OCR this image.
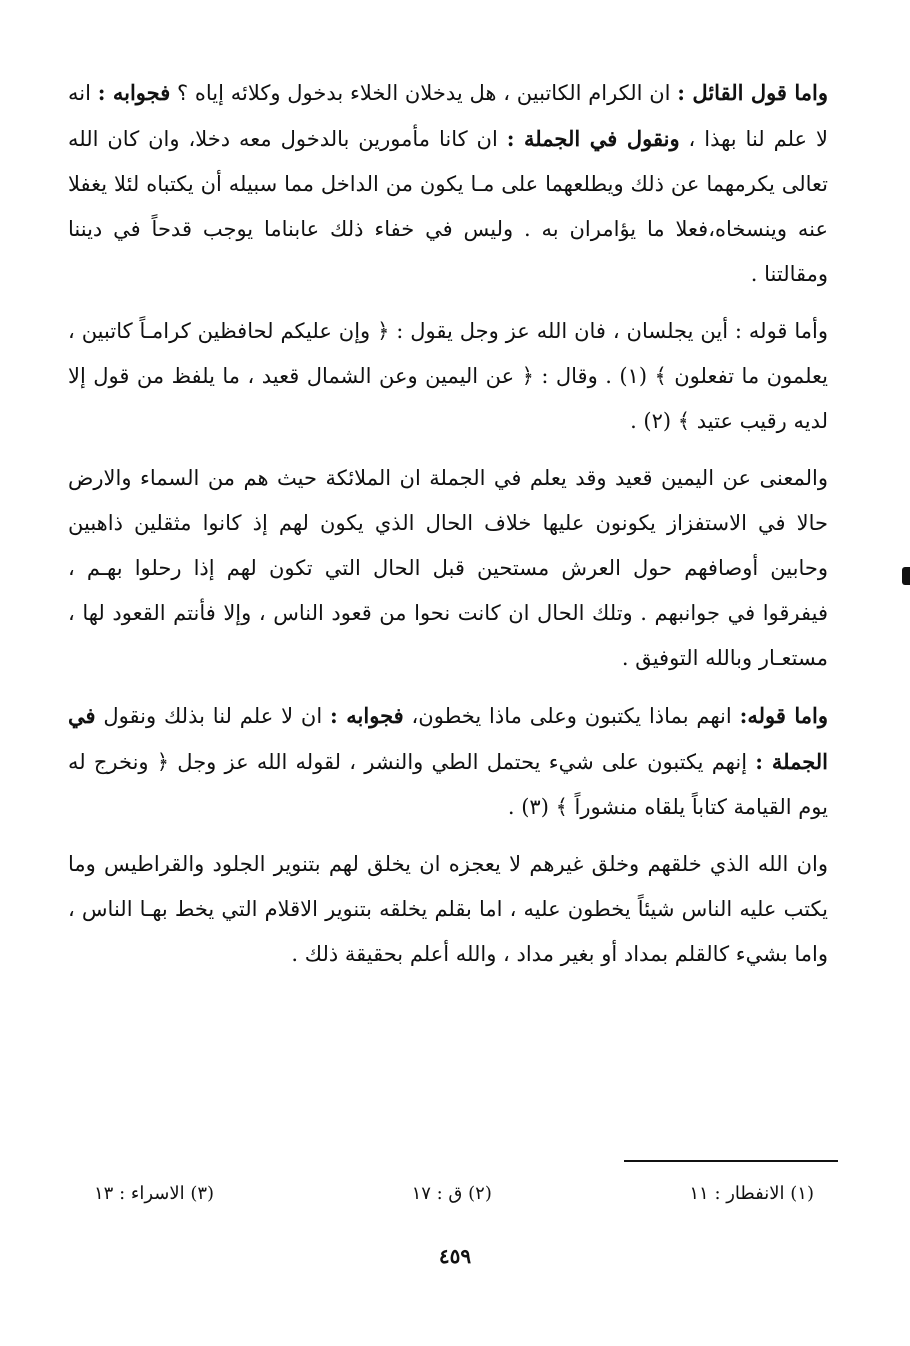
واما قول القائل : ان الكرام الكاتبين ، هل يدخلان الخلاء بدخول وكلائه إياه ؟ فجوابه : انه لا علم لنا بهذا ، ونقول في الجملة : ان كانا مأمورين بالدخول معه دخلا، وان كان الله تعالى يكرمهما عن ذلك ويطلعهما على مـا يكون من الداخل مما سبيله أن يكتباه لئلا يغفلا عنه وينسخاه،فعلا ما يؤامران به . وليس في خفاء ذلك عابناما يوجب قدحاً في ديننا ومقالتنا .

وأما قوله : أين يجلسان ، فان الله عز وجل يقول : ﴿ وإن عليكم لحافظين كرامـاً كاتبين ، يعلمون ما تفعلون ﴾ (١) . وقال : ﴿ عن اليمين وعن الشمال قعيد ، ما يلفظ من قول إلا لديه رقيب عتيد ﴾ (٢) .

والمعنى عن اليمين قعيد وقد يعلم في الجملة ان الملائكة حيث هم من السماء والارض حالا في الاستفزاز يكونون عليها خلاف الحال الذي يكون لهم إذ كانوا مثقلين ذاهبين وحابين أوصافهم حول العرش مستحين قبل الحال التي تكون لهم إذا رحلوا بهـم ، فيفرقوا في جوانبهم . وتلك الحال ان كانت نحوا من قعود الناس ، وإلا فأنتم القعود لها ، مستعـار وبالله التوفيق .

واما قوله: انهم بماذا يكتبون وعلى ماذا يخطون، فجوابه : ان لا علم لنا بذلك ونقول في الجملة : إنهم يكتبون على شيء يحتمل الطي والنشر ، لقوله الله عز وجل ﴿ ونخرج له يوم القيامة كتاباً يلقاه منشوراً ﴾ (٣) .

وان الله الذي خلقهم وخلق غيرهم لا يعجزه ان يخلق لهم بتنوير الجلود والقراطيس وما يكتب عليه الناس شيئاً يخطون عليه ، اما بقلم يخلقه بتنوير الاقلام التي يخط بهـا الناس ، واما بشيء كالقلم بمداد أو بغير مداد ، والله أعلم بحقيقة ذلك .

(١) الانفطار : ١١
(٢) ق : ١٧
(٣) الاسراء : ١٣
٤٥٩
